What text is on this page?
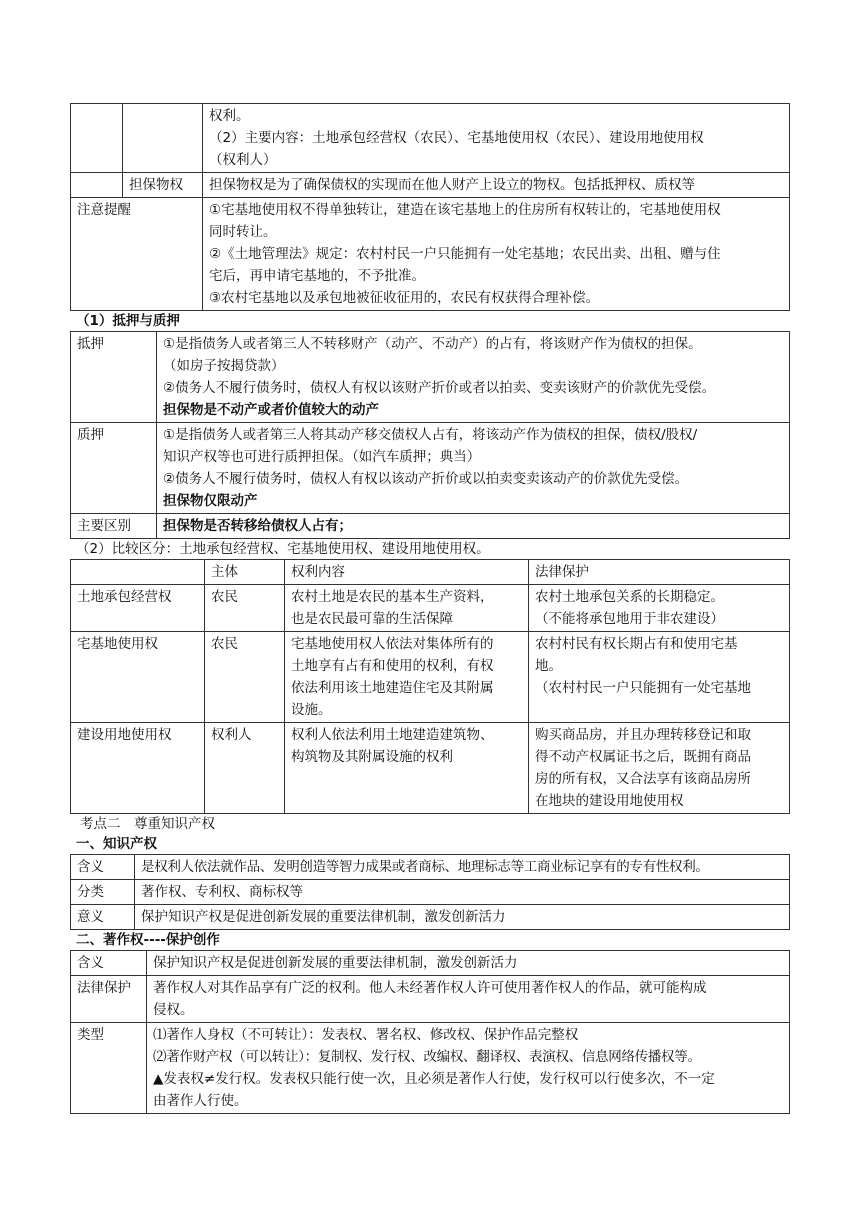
		权利。
（2）主要内容：土地承包经营权（农民）、宅基地使用权（农民）、建设用地使用权
（权利人）

	担保物权	担保物权是为了确保债权的实现而在他人财产上设立的物权。包括抵押权、质权等
注意提醒		①宅基地使用权不得单独转让，建造在该宅基地上的住房所有权转让的，宅基地使用权
同时转让。
②《土地管理法》规定：农村村民一户只能拥有一处宅基地；农民出卖、出租、赠与住
宅后，再申请宅基地的，不予批准。
③农村宅基地以及承包地被征收征用的，农民有权获得合理补偿。
（1）抵押与质押
抵押	①是指债务人或者第三人不转移财产（动产、不动产）的占有，将该财产作为债权的担保。
（如房子按揭贷款）
②债务人不履行债务时，债权人有权以该财产折价或者以拍卖、变卖该财产的价款优先受偿。
担保物是不动产或者价值较大的动产

质押	①是指债务人或者第三人将其动产移交债权人占有，将该动产作为债权的担保，债权/股权/
知识产权等也可进行质押担保。（如汽车质押；典当）
②债务人不履行债务时，债权人有权以该动产折价或以拍卖变卖该动产的价款优先受偿。
担保物仅限动产

主要区别	担保物是否转移给债权人占有；
（2）比较区分：土地承包经营权、宅基地使用权、建设用地使用权。
	主体	权利内容	法律保护
土地承包经营权	农民	农村土地是农民的基本生产资料，
也是农民最可靠的生活保障	农村土地承包关系的长期稳定。
（不能将承包地用于非农建设）

宅基地使用权	农民	宅基地使用权人依法对集体所有的
土地享有占有和使用的权利，有权
依法利用该土地建造住宅及其附属
设施。	农村村民有权长期占有和使用宅基
地。
（农村村民一户只能拥有一处宅基地

建设用地使用权	权利人	权利人依法利用土地建造建筑物、
构筑物及其附属设施的权利	购买商品房，并且办理转移登记和取
得不动产权属证书之后，既拥有商品
房的所有权，又合法享有该商品房所
在地块的建设用地使用权
考点二　尊重知识产权
一、知识产权
含义	是权利人依法就作品、发明创造等智力成果或者商标、地理标志等工商业标记享有的专有性权利。
分类	著作权、专利权、商标权等
意义	保护知识产权是促进创新发展的重要法律机制，激发创新活力
二、著作权----保护创作
含义	保护知识产权是促进创新发展的重要法律机制，激发创新活力
法律保护	著作权人对其作品享有广泛的权利。他人未经著作权人许可使用著作权人的作品，就可能构成
侵权。

类型	⑴著作人身权（不可转让）：发表权、署名权、修改权、保护作品完整权
⑵著作财产权（可以转让）：复制权、发行权、改编权、翻译权、表演权、信息网络传播权等。
▲发表权≠发行权。发表权只能行使一次，且必须是著作人行使，发行权可以行使多次，不一定
由著作人行使。
